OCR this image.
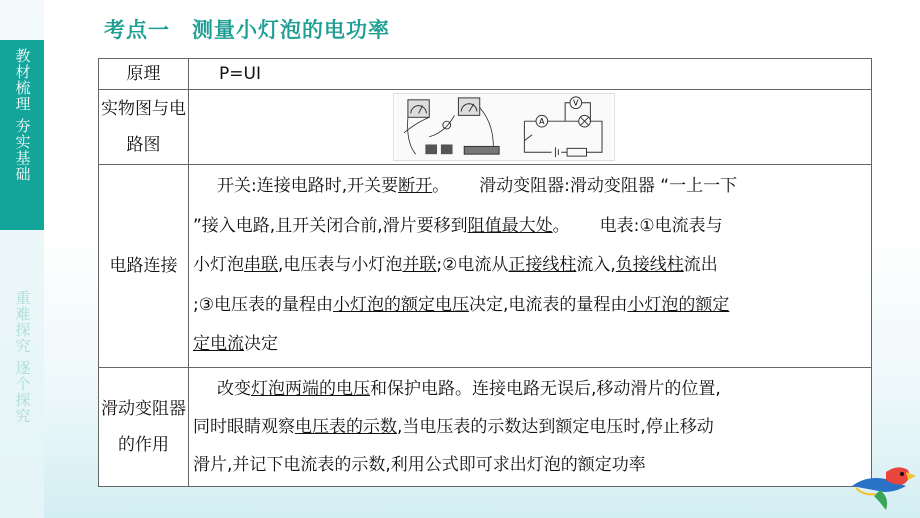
教材梳理 夯实基础
重难探究 逐个探究
考点一 测量小灯泡的电功率
原理	P=UI
实物图与电路图	V
A

电路连接	开关:连接电路时,开关要断开。 滑动变阻器:滑动变阻器 “一上一下
”接入电路,且开关闭合前,滑片要移到阻值最大处。 电表:①电流表与
小灯泡串联,电压表与小灯泡并联;②电流从正接线柱流入,负接线柱流出
;③电压表的量程由小灯泡的额定电压决定,电流表的量程由小灯泡的额定
定电流决定
滑动变阻器的作用	改变灯泡两端的电压和保护电路。连接电路无误后,移动滑片的位置,
同时眼睛观察电压表的示数,当电压表的示数达到额定电压时,停止移动
滑片,并记下电流表的示数,利用公式即可求出灯泡的额定功率
